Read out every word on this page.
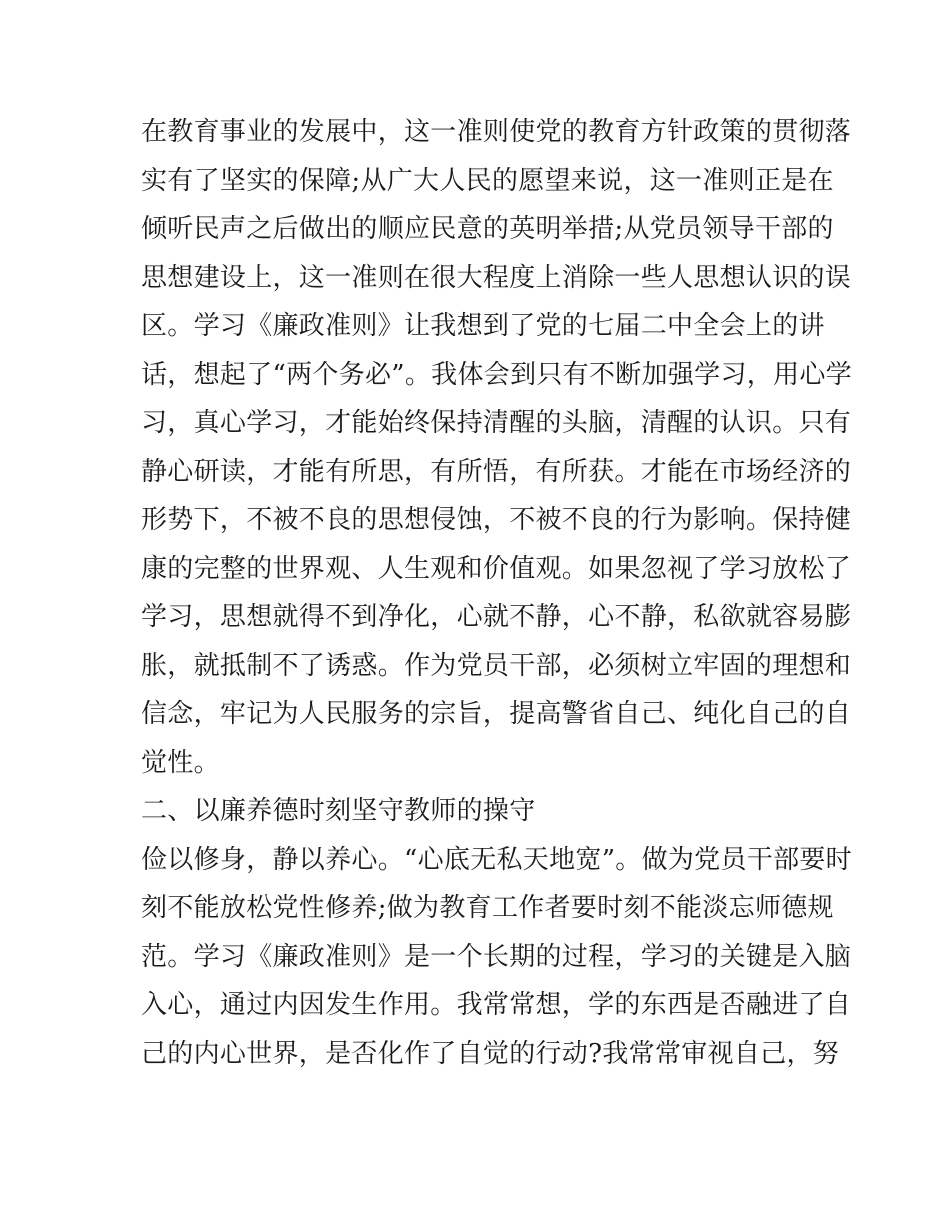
在教育事业的发展中，这一准则使党的教育方针政策的贯彻落
实有了坚实的保障;从广大人民的愿望来说，这一准则正是在
倾听民声之后做出的顺应民意的英明举措;从党员领导干部的
思想建设上，这一准则在很大程度上消除一些人思想认识的误
区。学习《廉政准则》让我想到了党的七届二中全会上的讲
话，想起了“两个务必”。我体会到只有不断加强学习，用心学
习，真心学习，才能始终保持清醒的头脑，清醒的认识。只有
静心研读，才能有所思，有所悟，有所获。才能在市场经济的
形势下，不被不良的思想侵蚀，不被不良的行为影响。保持健
康的完整的世界观、人生观和价值观。如果忽视了学习放松了
学习，思想就得不到净化，心就不静，心不静，私欲就容易膨
胀，就抵制不了诱惑。作为党员干部，必须树立牢固的理想和
信念，牢记为人民服务的宗旨，提高警省自己、纯化自己的自
觉性。
二、以廉养德时刻坚守教师的操守
俭以修身，静以养心。“心底无私天地宽”。做为党员干部要时
刻不能放松党性修养;做为教育工作者要时刻不能淡忘师德规
范。学习《廉政准则》是一个长期的过程，学习的关键是入脑
入心，通过内因发生作用。我常常想，学的东西是否融进了自
己的内心世界，是否化作了自觉的行动?我常常审视自己，努
